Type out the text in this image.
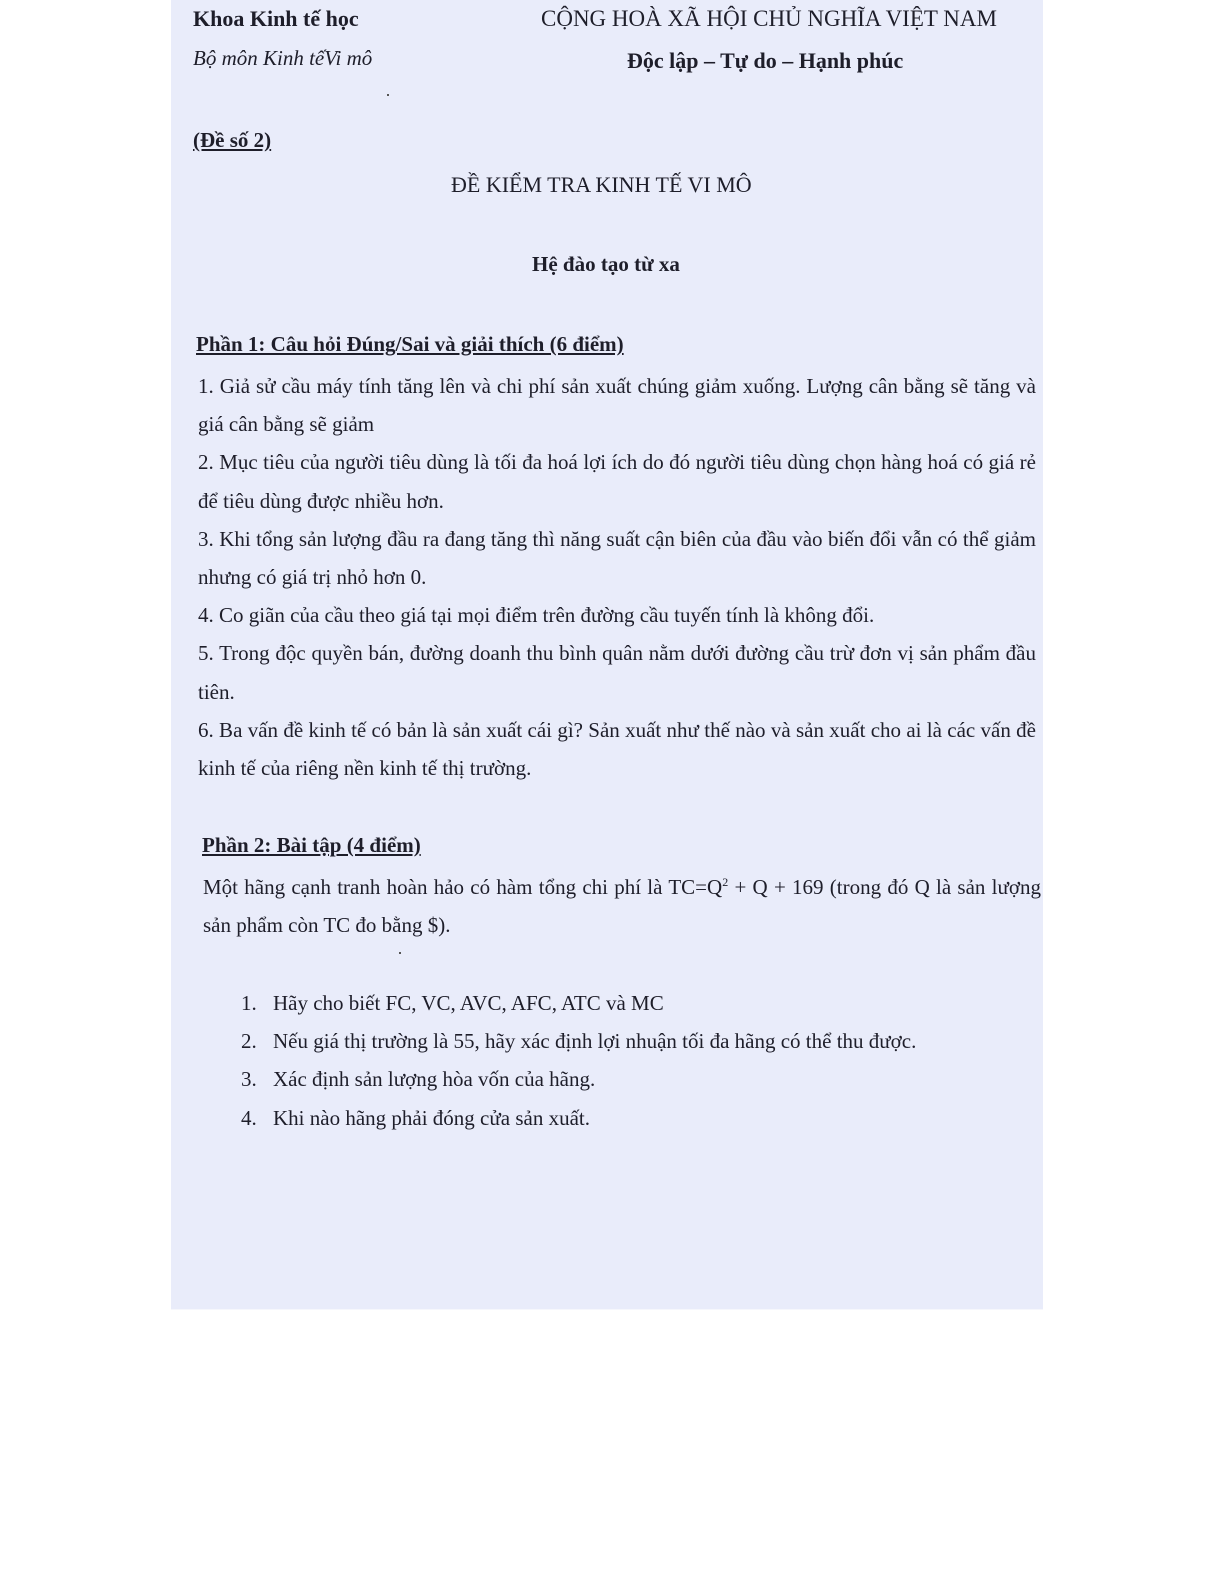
Khoa Kinh tế học
Bộ môn Kinh tếVi mô
CỘNG HOÀ XÃ HỘI CHỦ NGHĨA VIỆT NAM
Độc lập – Tự do – Hạnh phúc
(Đề số 2)
ĐỀ KIỂM TRA KINH TẾ VI MÔ
Hệ đào tạo từ xa
Phần 1: Câu hỏi Đúng/Sai và giải thích (6 điểm)

1. Giả sử cầu máy tính tăng lên và chi phí sản xuất chúng giảm xuống. Lượng cân bằng sẽ tăng và giá cân bằng sẽ giảm

2. Mục tiêu của người tiêu dùng là tối đa hoá lợi ích do đó người tiêu dùng chọn hàng hoá có giá rẻ để tiêu dùng được nhiều hơn.

3. Khi tổng sản lượng đầu ra đang tăng thì năng suất cận biên của đầu vào biến đổi vẫn có thể giảm nhưng có giá trị nhỏ hơn 0.

4. Co giãn của cầu theo giá tại mọi điểm trên đường cầu tuyến tính là không đổi.

5. Trong độc quyền bán, đường doanh thu bình quân nằm dưới đường cầu trừ đơn vị sản phẩm đầu tiên.

6. Ba vấn đề kinh tế có bản là sản xuất cái gì? Sản xuất như thế nào và sản xuất cho ai là các vấn đề kinh tế của riêng nền kinh tế thị trường.

Phần 2: Bài tập (4 điểm)

Một hãng cạnh tranh hoàn hảo có hàm tổng chi phí là $TC=Q^2 + Q + 169$ (trong đó Q là sản lượng sản phẩm còn TC đo bằng $).

1. Hãy cho biết FC, VC, AVC, AFC, ATC và MC
2. Nếu giá thị trường là 55, hãy xác định lợi nhuận tối đa hãng có thể thu được.
3. Xác định sản lượng hòa vốn của hãng.
4. Khi nào hãng phải đóng cửa sản xuất.
